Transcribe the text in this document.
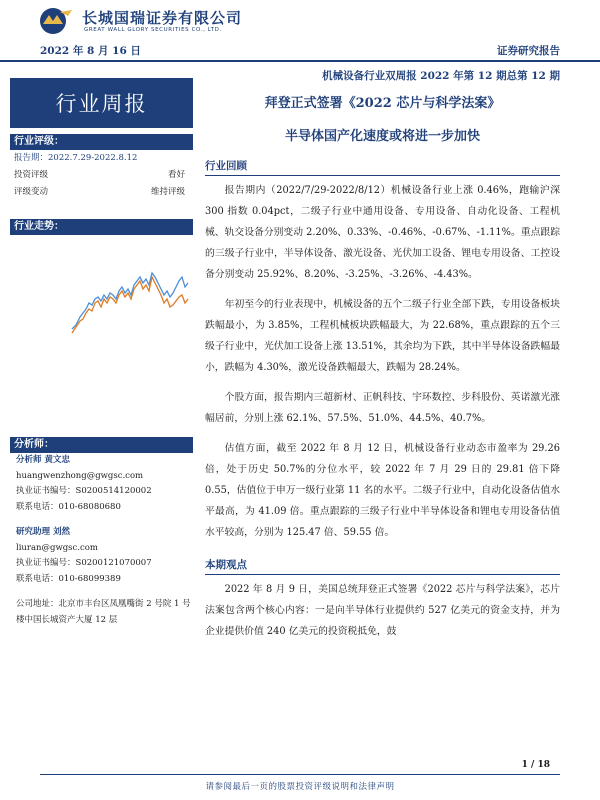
长城国瑞证券有限公司
GREAT WALL GLORY SECURITIES CO., LTD.
2022 年 8 月 16 日	证券研究报告
机械设备行业双周报 2022 年第 12 期总第 12 期
行业周报
行业评级：
报告期：2022.7.29-2022.8.12
投资评级	看好
评级变动	维持评级
行业走势：
分析师：
分析师 黄文忠
huangwenzhong@gwgsc.com
执业证书编号：S0200514120002
联系电话：010-68080680
研究助理 刘然
liuran@gwgsc.com
执业证书编号：S0200121070007
联系电话：010-68099389
公司地址：北京市丰台区凤凰嘴街 2 号院 1 号楼中国长城资产大厦 12 层
拜登正式签署《2022 芯片与科学法案》
半导体国产化速度或将进一步加快
行业回顾

报告期内（2022/7/29-2022/8/12）机械设备行业上涨 0.46%，跑输沪深 300 指数 0.04pct，二级子行业中通用设备、专用设备、自动化设备、工程机械、轨交设备分别变动 2.20%、0.33%、-0.46%、-0.67%、-1.11%。重点跟踪的三级子行业中，半导体设备、激光设备、光伏加工设备、锂电专用设备、工控设备分别变动 25.92%、8.20%、-3.25%、-3.26%、-4.43%。

年初至今的行业表现中，机械设备的五个二级子行业全部下跌，专用设备板块跌幅最小，为 3.85%，工程机械板块跌幅最大，为 22.68%，重点跟踪的五个三级子行业中，光伏加工设备上涨 13.51%，其余均为下跌，其中半导体设备跌幅最小，跌幅为 4.30%，激光设备跌幅最大，跌幅为 28.24%。

个股方面，报告期内三超新材、正帆科技、宇环数控、步科股份、英诺激光涨幅居前，分别上涨 62.1%、57.5%、51.0%、44.5%、40.7%。

估值方面，截至 2022 年 8 月 12 日，机械设备行业动态市盈率为 29.26 倍，处于历史 50.7%的分位水平，较 2022 年 7 月 29 日的 29.81 倍下降 0.55，估值位于申万一级行业第 11 名的水平。二级子行业中，自动化设备估值水平最高，为 41.09 倍。重点跟踪的三级子行业中半导体设备和锂电专用设备估值水平较高，分别为 125.47 倍、59.55 倍。

本期观点

2022 年 8 月 9 日，美国总统拜登正式签署《2022 芯片与科学法案》，芯片法案包含两个核心内容：一是向半导体行业提供约 527 亿美元的资金支持，并为企业提供价值 240 亿美元的投资税抵免，鼓

1 / 18
请参阅最后一页的股票投资评级说明和法律声明
